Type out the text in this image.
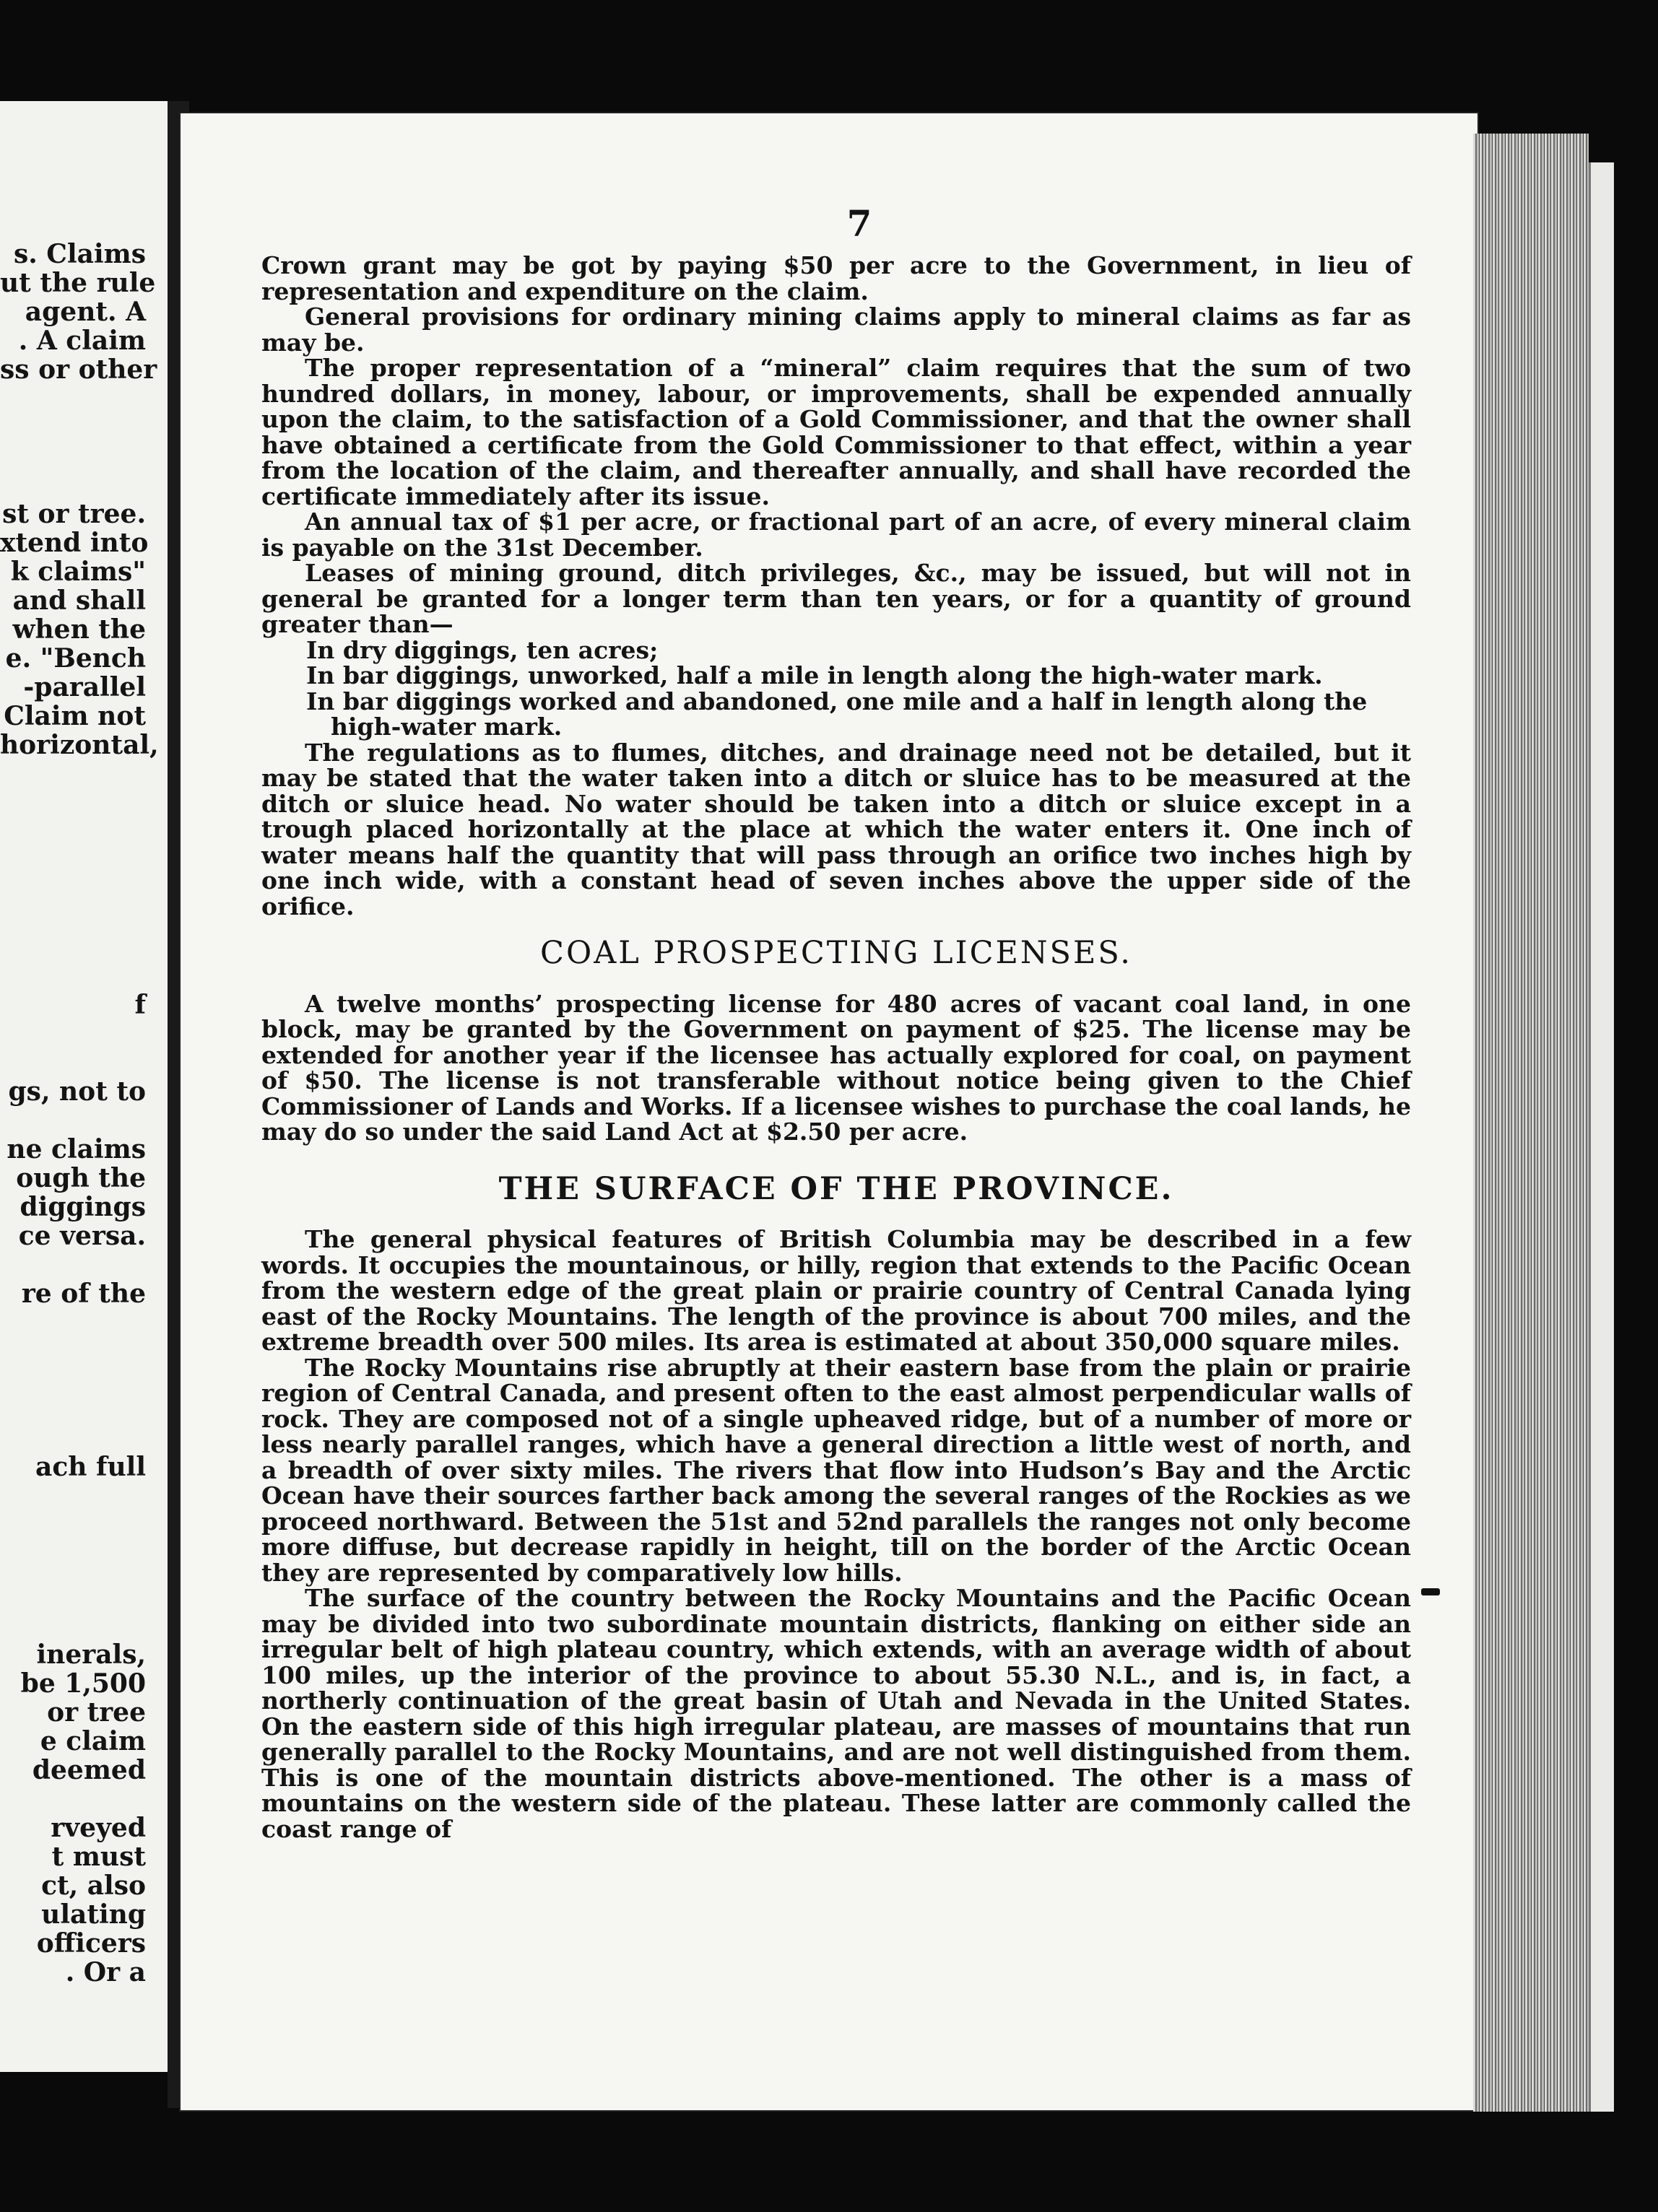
s. Claims
ut the rule
agent. A
. A claim
ss or other
st or tree.
xtend into
k claims"
and shall
when the
e. "Bench
-parallel
Claim not
horizontal,
f
gs, not to
ne claims
ough the
diggings
ce versa.
re of the
ach full
inerals,
be 1,500
or tree
e claim
deemed
rveyed
t must
ct, also
ulating
officers
. Or a
7

Crown grant may be got by paying $50 per acre to the Government, in lieu of representation and expenditure on the claim.

General provisions for ordinary mining claims apply to mineral claims as far as may be.

The proper representation of a “mineral” claim requires that the sum of two hundred dollars, in money, labour, or improvements, shall be expended annually upon the claim, to the satisfaction of a Gold Commissioner, and that the owner shall have obtained a certificate from the Gold Commissioner to that effect, within a year from the location of the claim, and thereafter annually, and shall have recorded the certificate immediately after its issue.

An annual tax of $1 per acre, or fractional part of an acre, of every mineral claim is payable on the 31st December.

Leases of mining ground, ditch privileges, &c., may be issued, but will not in general be granted for a longer term than ten years, or for a quantity of ground greater than—

In dry diggings, ten acres;

In bar diggings, unworked, half a mile in length along the high-water mark.

In bar diggings worked and abandoned, one mile and a half in length along the high-water mark.

The regulations as to flumes, ditches, and drainage need not be detailed, but it may be stated that the water taken into a ditch or sluice has to be measured at the ditch or sluice head. No water should be taken into a ditch or sluice except in a trough placed horizontally at the place at which the water enters it. One inch of water means half the quantity that will pass through an orifice two inches high by one inch wide, with a constant head of seven inches above the upper side of the orifice.

COAL PROSPECTING LICENSES.

A twelve months’ prospecting license for 480 acres of vacant coal land, in one block, may be granted by the Government on payment of $25. The license may be extended for another year if the licensee has actually explored for coal, on payment of $50. The license is not transferable without notice being given to the Chief Commissioner of Lands and Works. If a licensee wishes to purchase the coal lands, he may do so under the said Land Act at $2.50 per acre.

THE SURFACE OF THE PROVINCE.

The general physical features of British Columbia may be described in a few words. It occupies the mountainous, or hilly, region that extends to the Pacific Ocean from the western edge of the great plain or prairie country of Central Canada lying east of the Rocky Mountains. The length of the province is about 700 miles, and the extreme breadth over 500 miles. Its area is estimated at about 350,000 square miles.

The Rocky Mountains rise abruptly at their eastern base from the plain or prairie region of Central Canada, and present often to the east almost perpendicular walls of rock. They are composed not of a single upheaved ridge, but of a number of more or less nearly parallel ranges, which have a general direction a little west of north, and a breadth of over sixty miles. The rivers that flow into Hudson’s Bay and the Arctic Ocean have their sources farther back among the several ranges of the Rockies as we proceed northward. Between the 51st and 52nd parallels the ranges not only become more diffuse, but decrease rapidly in height, till on the border of the Arctic Ocean they are represented by comparatively low hills.

The surface of the country between the Rocky Mountains and the Pacific Ocean may be divided into two subordinate mountain districts, flanking on either side an irregular belt of high plateau country, which extends, with an average width of about 100 miles, up the interior of the province to about 55.30 N.L., and is, in fact, a northerly continuation of the great basin of Utah and Nevada in the United States. On the eastern side of this high irregular plateau, are masses of mountains that run generally parallel to the Rocky Mountains, and are not well distinguished from them. This is one of the mountain districts above-mentioned. The other is a mass of mountains on the western side of the plateau. These latter are commonly called the coast range of
